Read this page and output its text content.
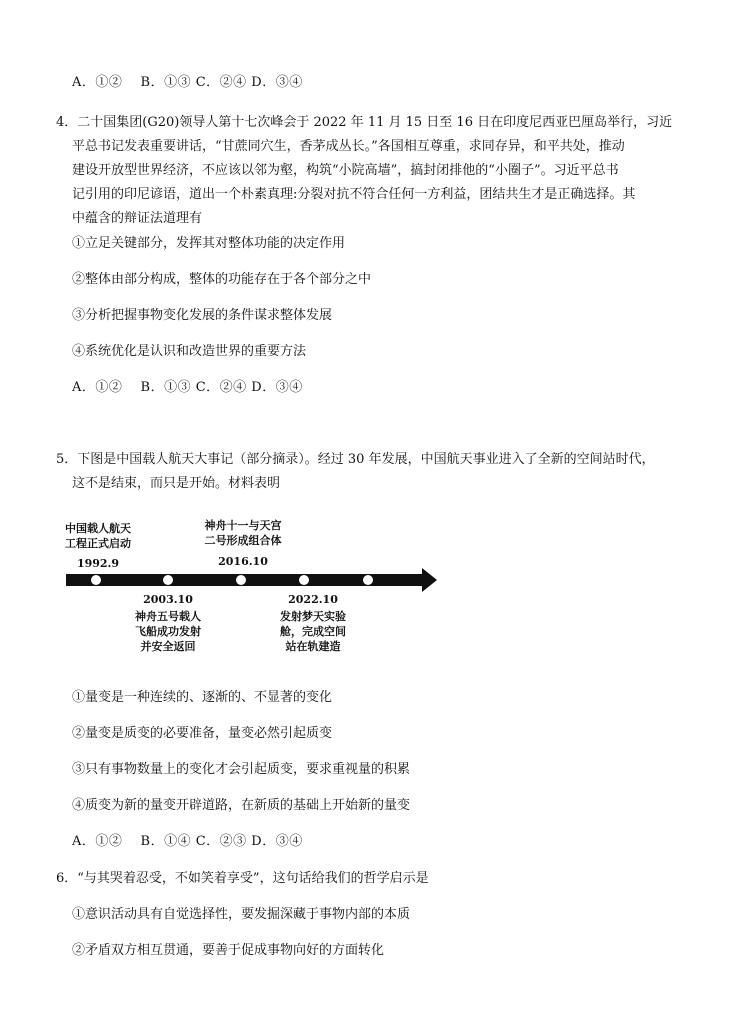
A．①②　 B．①③ C．②④ D．③④
4．二十国集团(G20)领导人第十七次峰会于 2022 年 11 月 15 日至 16 日在印度尼西亚巴厘岛举行，习近
平总书记发表重要讲话，“甘蔗同穴生，香茅成丛长。”各国相互尊重，求同存异，和平共处，推动
建设开放型世界经济，不应该以邻为壑，构筑“小院高墙”，搞封闭排他的“小圈子”。习近平总书
记引用的印尼谚语，道出一个朴素真理:分裂对抗不符合任何一方利益，团结共生才是正确选择。其
中蕴含的辩证法道理有
①立足关键部分，发挥其对整体功能的决定作用
②整体由部分构成，整体的功能存在于各个部分之中
③分析把握事物变化发展的条件谋求整体发展
④系统优化是认识和改造世界的重要方法
A．①②　 B．①③ C．②④ D．③④
5．下图是中国载人航天大事记（部分摘录）。经过 30 年发展，中国航天事业进入了全新的空间站时代，
这不是结束，而只是开始。材料表明
中国载人航天
工程正式启动
1992.9
神舟十一与天宫
二号形成组合体
2016.10
2003.10
神舟五号载人
飞船成功发射
并安全返回
2022.10
发射梦天实验
舱，完成空间
站在轨建造
①量变是一种连续的、逐渐的、不显著的变化
②量变是质变的必要准备，量变必然引起质变
③只有事物数量上的变化才会引起质变，要求重视量的积累
④质变为新的量变开辟道路，在新质的基础上开始新的量变
A．①②　 B．①④ C．②③ D．③④
6．“与其哭着忍受，不如笑着享受”，这句话给我们的哲学启示是
①意识活动具有自觉选择性，要发掘深藏于事物内部的本质
②矛盾双方相互贯通，要善于促成事物向好的方面转化
